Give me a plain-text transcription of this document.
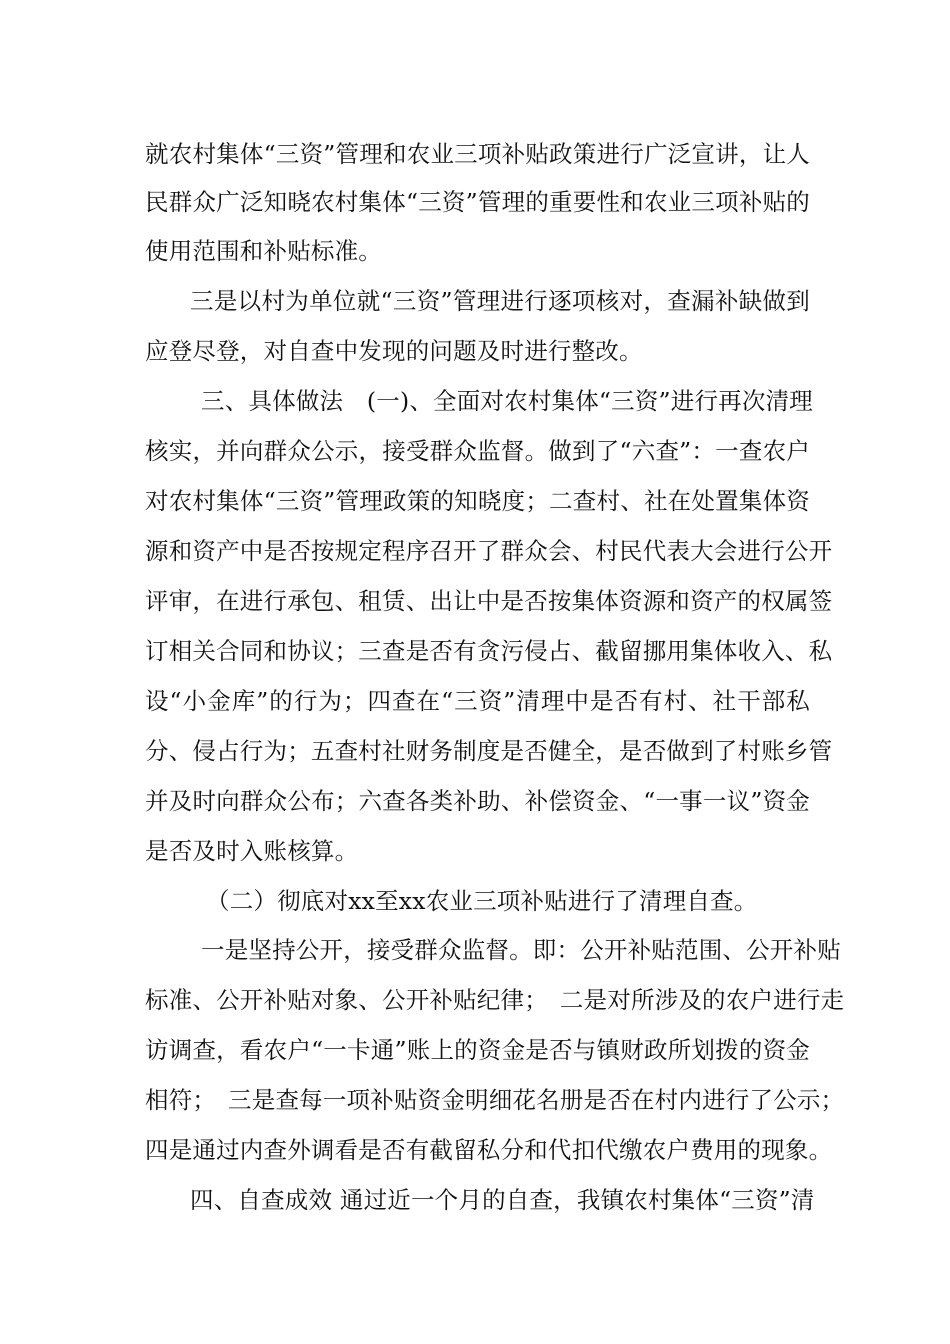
就农村集体“三资”管理和农业三项补贴政策进行广泛宣讲，让人
民群众广泛知晓农村集体“三资”管理的重要性和农业三项补贴的
使用范围和补贴标准。
三是以村为单位就“三资”管理进行逐项核对，查漏补缺做到
应登尽登，对自查中发现的问题及时进行整改。
三、具体做法　(一)、全面对农村集体“三资”进行再次清理
核实，并向群众公示，接受群众监督。做到了“六查”：一查农户
对农村集体“三资”管理政策的知晓度；二查村、社在处置集体资
源和资产中是否按规定程序召开了群众会、村民代表大会进行公开
评审，在进行承包、租赁、出让中是否按集体资源和资产的权属签
订相关合同和协议；三查是否有贪污侵占、截留挪用集体收入、私
设“小金库”的行为；四查在“三资”清理中是否有村、社干部私
分、侵占行为；五查村社财务制度是否健全，是否做到了村账乡管
并及时向群众公布；六查各类补助、补偿资金、“一事一议”资金
是否及时入账核算。
（二）彻底对xx至xx农业三项补贴进行了清理自查。
一是坚持公开，接受群众监督。即：公开补贴范围、公开补贴
标准、公开补贴对象、公开补贴纪律；　二是对所涉及的农户进行走
访调查，看农户“一卡通”账上的资金是否与镇财政所划拨的资金
相符；　三是查每一项补贴资金明细花名册是否在村内进行了公示；
四是通过内查外调看是否有截留私分和代扣代缴农户费用的现象。
四、自查成效 通过近一个月的自查，我镇农村集体“三资”清
